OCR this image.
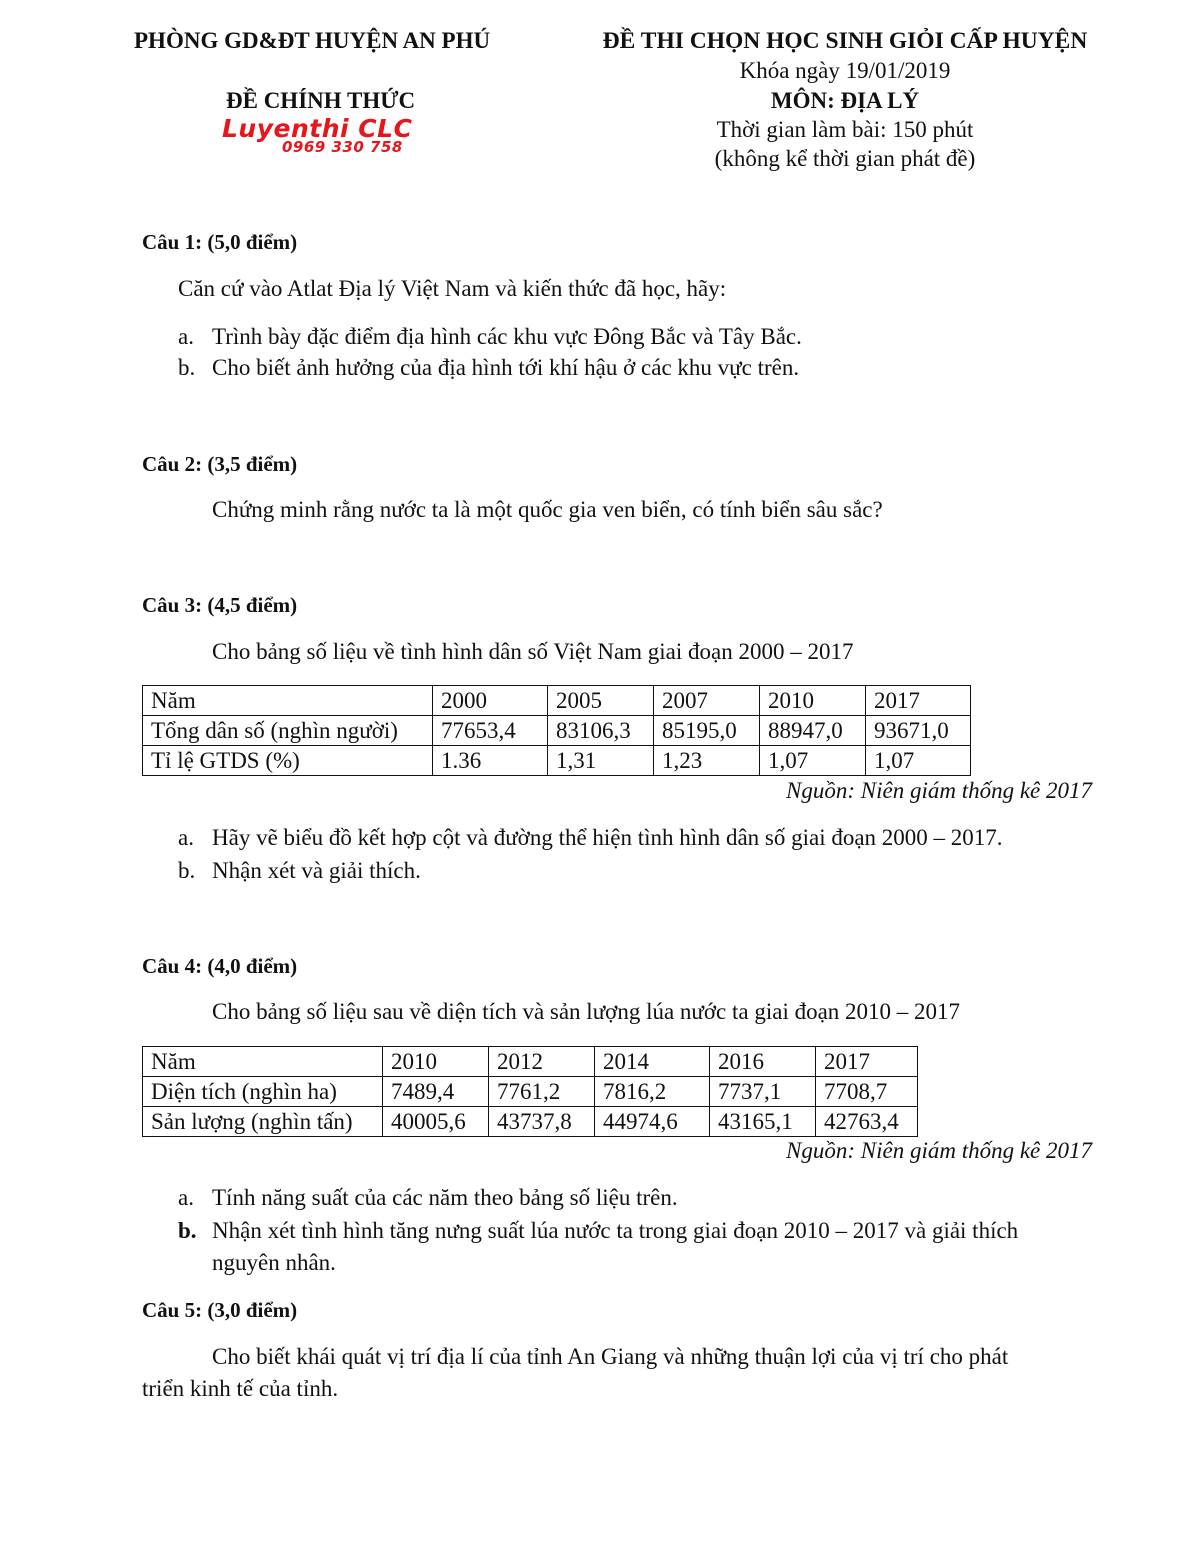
PHÒNG GD&ĐT HUYỆN AN PHÚ
ĐỀ CHÍNH THỨC
Luyenthi CLC
0969 330 758
ĐỀ THI CHỌN HỌC SINH GIỎI CẤP HUYỆN
Khóa ngày 19/01/2019
MÔN: ĐỊA LÝ
Thời gian làm bài: 150 phút
(không kể thời gian phát đề)
Câu 1: (5,0 điểm)
Căn cứ vào Atlat Địa lý Việt Nam và kiến thức đã học, hãy:
a. Trình bày đặc điểm địa hình các khu vực Đông Bắc và Tây Bắc.
b. Cho biết ảnh hưởng của địa hình tới khí hậu ở các khu vực trên.
Câu 2: (3,5 điểm)
Chứng minh rằng nước ta là một quốc gia ven biển, có tính biển sâu sắc?
Câu 3: (4,5 điểm)
Cho bảng số liệu về tình hình dân số Việt Nam giai đoạn 2000 – 2017
Năm	2000	2005	2007	2010	2017
Tổng dân số (nghìn người)	77653,4	83106,3	85195,0	88947,0	93671,0
Tỉ lệ GTDS (%)	1.36	1,31	1,23	1,07	1,07
Nguồn: Niên giám thống kê 2017
a. Hãy vẽ biểu đồ kết hợp cột và đường thể hiện tình hình dân số giai đoạn 2000 – 2017.
b. Nhận xét và giải thích.
Câu 4: (4,0 điểm)
Cho bảng số liệu sau về diện tích và sản lượng lúa nước ta giai đoạn 2010 – 2017
Năm	2010	2012	2014	2016	2017
Diện tích (nghìn ha)	7489,4	7761,2	7816,2	7737,1	7708,7
Sản lượng (nghìn tấn)	40005,6	43737,8	44974,6	43165,1	42763,4
Nguồn: Niên giám thống kê 2017
a. Tính năng suất của các năm theo bảng số liệu trên.
b. Nhận xét tình hình tăng nưng suất lúa nước ta trong giai đoạn 2010 – 2017 và giải thích
nguyên nhân.
Câu 5: (3,0 điểm)
Cho biết khái quát vị trí địa lí của tỉnh An Giang và những thuận lợi của vị trí cho phát
triển kinh tế của tỉnh.
